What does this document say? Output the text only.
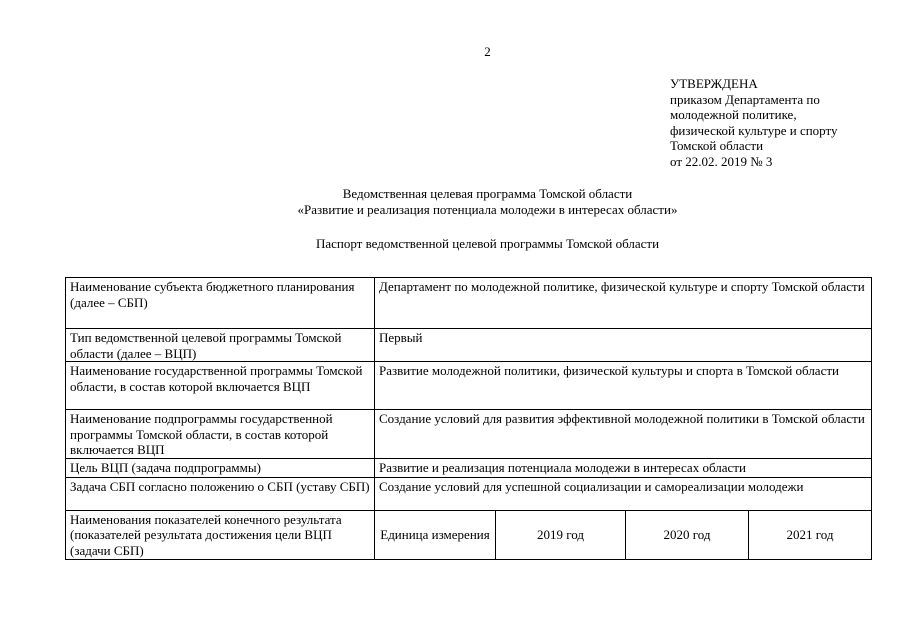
2
УТВЕРЖДЕНА
приказом Департамента по
молодежной политике,
физической культуре и спорту
Томской области
от 22.02. 2019 № 3
Ведомственная целевая программа Томской области
«Развитие и реализация потенциала молодежи в интересах области»
Паспорт ведомственной целевой программы Томской области
Наименование субъекта бюджетного планирования (далее – СБП)	Департамент по молодежной политике, физической культуре и спорту Томской области			
Тип ведомственной целевой программы Томской области (далее – ВЦП)	Первый			
Наименование государственной программы Томской области, в состав которой включается ВЦП	Развитие молодежной политики, физической культуры и спорта в Томской области			
Наименование подпрограммы государственной программы Томской области, в состав которой включается ВЦП	Создание условий для развития эффективной молодежной политики в Томской области			
Цель ВЦП (задача подпрограммы)	Развитие и реализация потенциала молодежи в интересах области			
Задача СБП согласно положению о СБП (уставу СБП)	Создание условий для успешной социализации и самореализации молодежи			
Наименования показателей конечного результата (показателей результата достижения цели ВЦП (задачи СБП)	Единица измерения	2019 год	2020 год	2021 год
